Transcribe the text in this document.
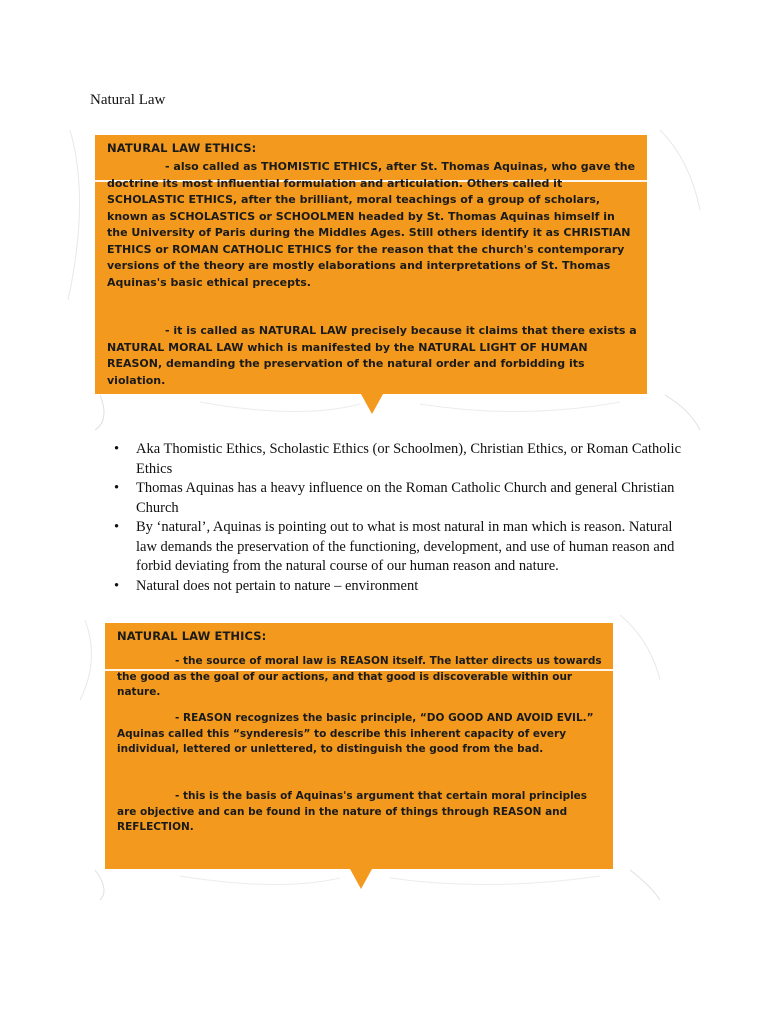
Natural Law
NATURAL LAW ETHICS:
- also called as THOMISTIC ETHICS, after St. Thomas Aquinas, who gave the doctrine its most influential formulation and articulation. Others called it SCHOLASTIC ETHICS, after the brilliant, moral teachings of a group of scholars, known as SCHOLASTICS or SCHOOLMEN headed by St. Thomas Aquinas himself in the University of Paris during the Middles Ages. Still others identify it as CHRISTIAN ETHICS or ROMAN CATHOLIC ETHICS for the reason that the church's contemporary versions of the theory are mostly elaborations and interpretations of St. Thomas Aquinas's basic ethical precepts.
- it is called as NATURAL LAW precisely because it claims that there exists a NATURAL MORAL LAW which is manifested by the NATURAL LIGHT OF HUMAN REASON, demanding the preservation of the natural order and forbidding its violation.
• Aka Thomistic Ethics, Scholastic Ethics (or Schoolmen), Christian Ethics, or Roman Catholic Ethics
• Thomas Aquinas has a heavy influence on the Roman Catholic Church and general Christian Church
• By ‘natural’, Aquinas is pointing out to what is most natural in man which is reason. Natural law demands the preservation of the functioning, development, and use of human reason and forbid deviating from the natural course of our human reason and nature.
• Natural does not pertain to nature – environment
NATURAL LAW ETHICS:
- the source of moral law is REASON itself. The latter directs us towards the good as the goal of our actions, and that good is discoverable within our nature.
- REASON recognizes the basic principle, “DO GOOD AND AVOID EVIL.” Aquinas called this “synderesis” to describe this inherent capacity of every individual, lettered or unlettered, to distinguish the good from the bad.
- this is the basis of Aquinas's argument that certain moral principles are objective and can be found in the nature of things through REASON and REFLECTION.
